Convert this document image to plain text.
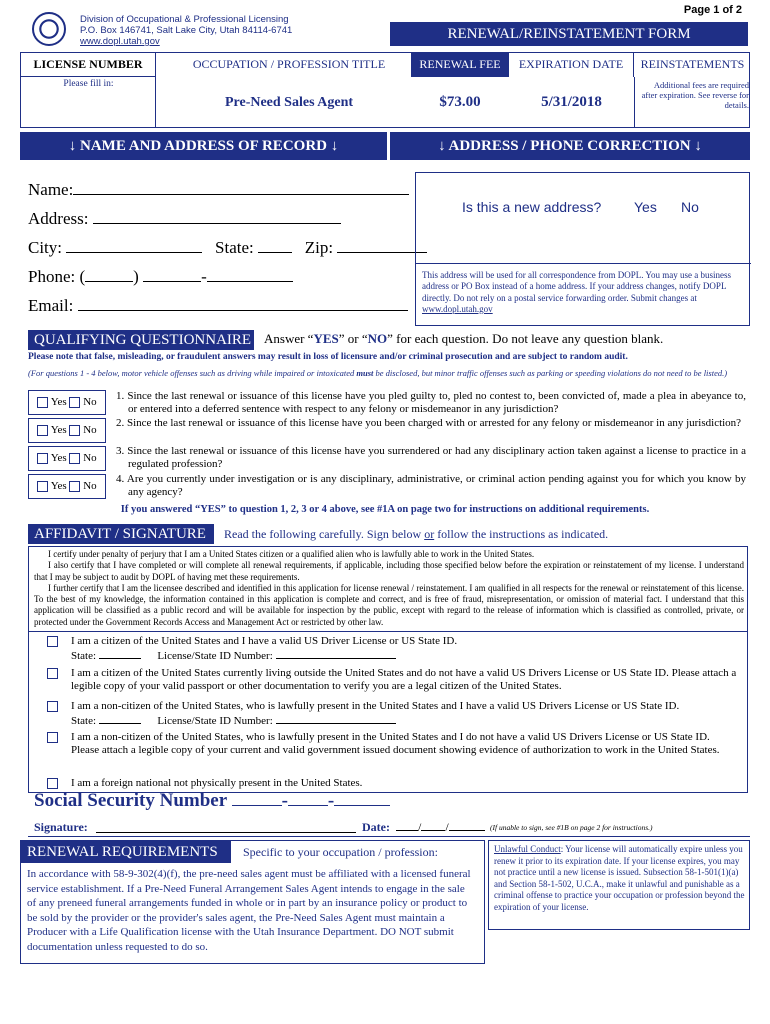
Page 1 of 2
Division of Occupational & Professional Licensing
P.O. Box 146741, Salt Lake City, Utah 84114-6741
www.dopl.utah.gov	RENEWAL/REINSTATEMENT FORM
LICENSE NUMBER	OCCUPATION / PROFESSION TITLE	RENEWAL FEE	EXPIRATION DATE	REINSTATEMENTS
Please fill in:
Pre-Need Sales Agent	$73.00	5/31/2018
Additional fees are required after expiration. See reverse for details.
↓ NAME AND ADDRESS OF RECORD ↓	↓ ADDRESS / PHONE CORRECTION ↓
Name:
Address:
City:	State:	Zip:
Phone: (	)	-
Email:
Is this a new address? Yes No
This address will be used for all correspondence from DOPL. You may use a business address or PO Box instead of a home address. If your address changes, notify DOPL directly. Do not rely on a postal service forwarding order. Submit changes at www.dopl.utah.gov
QUALIFYING QUESTIONNAIRE Answer “YES” or “NO” for each question. Do not leave any question blank.
Please note that false, misleading, or fraudulent answers may result in loss of licensure and/or criminal prosecution and are subject to random audit.
(For questions 1 - 4 below, motor vehicle offenses such as driving while impaired or intoxicated must be disclosed, but minor traffic offenses such as parking or speeding violations do not need to be listed.)
Yes No	1. Since the last renewal or issuance of this license have you pled guilty to, pled no contest to, been convicted of, made a plea in abeyance to, or entered into a deferred sentence with respect to any felony or misdemeanor in any jurisdiction?
Yes No
2. Since the last renewal or issuance of this license have you been charged with or arrested for any felony or misdemeanor in any jurisdiction?
Yes No
3. Since the last renewal or issuance of this license have you surrendered or had any disciplinary action taken against a license to practice in a regulated profession?
Yes No
4. Are you currently under investigation or is any disciplinary, administrative, or criminal action pending against you for which you know by any agency?
If you answered “YES” to question 1, 2, 3 or 4 above, see #1A on page two for instructions on additional requirements.
AFFIDAVIT / SIGNATURE	Read the following carefully. Sign below or follow the instructions as indicated.
I certify under penalty of perjury that I am a United States citizen or a qualified alien who is lawfully able to work in the United States.
I also certify that I have completed or will complete all renewal requirements, if applicable, including those specified below before the expiration or reinstatement of my license. I understand that I may be subject to audit by DOPL of having met these requirements.
I further certify that I am the licensee described and identified in this application for license renewal / reinstatement. I am qualified in all respects for the renewal or reinstatement of this license. To the best of my knowledge, the information contained in this application is complete and correct, and is free of fraud, misrepresentation, or omission of material fact. I understand that this application will be classified as a public record and will be available for inspection by the public, except with regard to the release of information which is classified as controlled, private, or protected under the Government Records Access and Management Act or restricted by other law.
I am a citizen of the United States and I have a valid US Driver License or US State ID.
State:	License/State ID Number:
I am a citizen of the United States currently living outside the United States and do not have a valid US Drivers License or US State ID. Please attach a legible copy of your valid passport or other documentation to verify you are a legal citizen of the United States.
I am a non-citizen of the United States, who is lawfully present in the United States and I have a valid US Drivers License or US State ID.
State:	License/State ID Number:
I am a non-citizen of the United States, who is lawfully present in the United States and I do not have a valid US Drivers License or US State ID. Please attach a legible copy of your current and valid government issued document showing evidence of authorization to work in the United States.
I am a foreign national not physically present in the United States.
Social Security Number	- -
Signature:	Date:	/ /	(If unable to sign, see #1B on page 2 for instructions.)
RENEWAL REQUIREMENTS	Specific to your occupation / profession:
In accordance with 58-9-302(4)(f), the pre-need sales agent must be affiliated with a licensed funeral service establishment. If a Pre-Need Funeral Arrangement Sales Agent intends to engage in the sale of any preneed funeral arrangements funded in whole or in part by an insurance policy or product to be sold by the provider or the provider's sales agent, the Pre-Need Sales Agent must maintain a Producer with a Life Qualification license with the Utah Insurance Department. DO NOT submit documentation unless requested to do so.
Unlawful Conduct: Your license will automatically expire unless you renew it prior to its expiration date. If your license expires, you may not practice until a new license is issued. Subsection 58-1-501(1)(a) and Section 58-1-502, U.C.A., make it unlawful and punishable as a criminal offense to practice your occupation or profession beyond the expiration of your license.
